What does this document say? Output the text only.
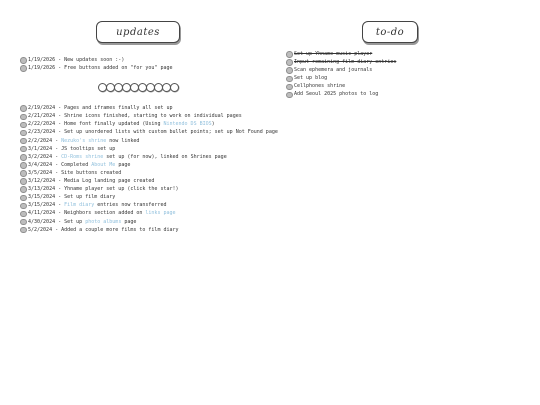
updates	to-do
1/19/2026 - New updates soon :-)
1/19/2026 - Free buttons added on "for you" page
2/19/2024 - Pages and iframes finally all set up
2/21/2024 - Shrine icons finished, starting to work on individual pages
2/22/2024 - Home font finally updated (Using Nintendo DS BIOS)
2/23/2024 - Set up unordered lists with custom bullet points; set up Not Found page
2/2/2024 - Nezuko's shrine now linked
3/1/2024 - JS tooltips set up
3/2/2024 - CD-Roms shrine set up (for now), linked on Shrines page
3/4/2024 - Completed About Me page
3/5/2024 - Site buttons created
3/12/2024 - Media Log landing page created
3/13/2024 - Yhname player set up (click the star!)
3/15/2024 - Set up film diary
3/15/2024 - Film diary entries now transferred
4/11/2024 - Neighbors section added on links page
4/30/2024 - Set up photo albums page
5/2/2024 - Added a couple more films to film diary
Set up Yhname music player
Input remaining film diary entries
Scan ephemera and journals
Set up blog
Cellphones shrine
Add Seoul 2025 photos to log
